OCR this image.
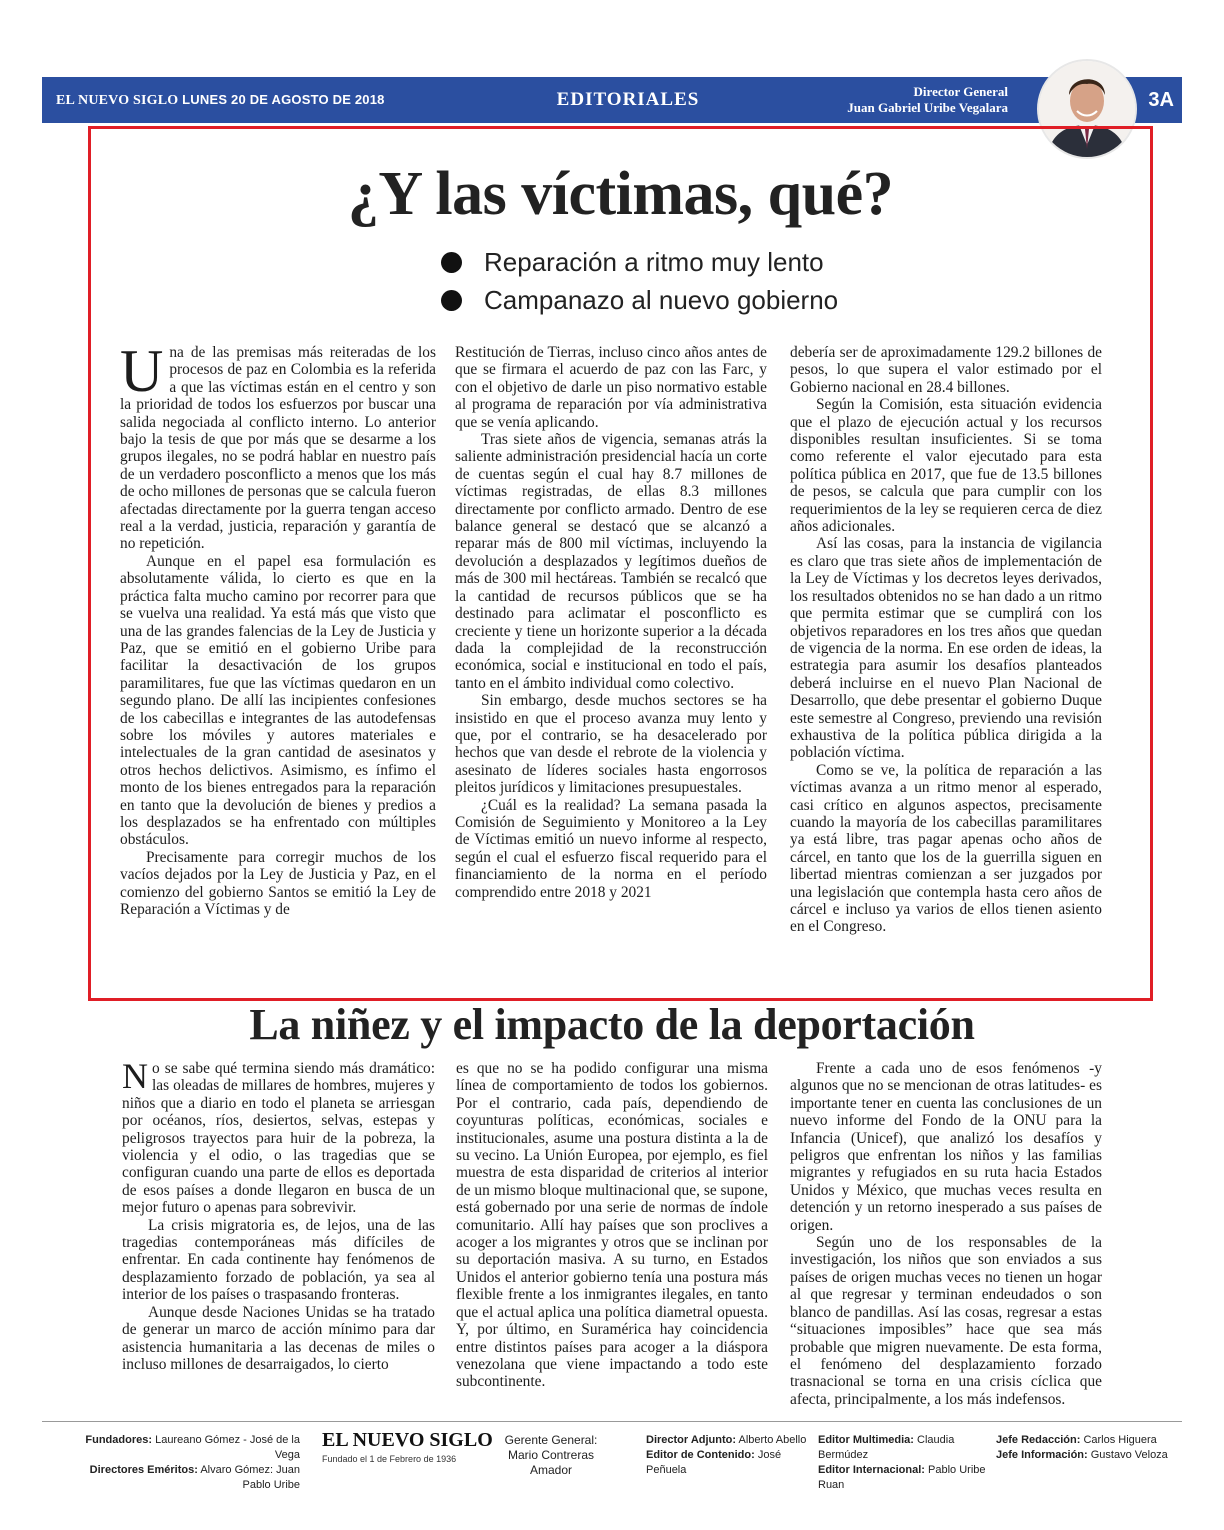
EL NUEVO SIGLO LUNES 20 DE AGOSTO DE 2018	EDITORIALES	Director General
Juan Gabriel Uribe Vegalara	3A
¿Y las víctimas, qué?
Reparación a ritmo muy lento
Campanazo al nuevo gobierno

Una de las premisas más reiteradas de los procesos de paz en Colombia es la referida a que las víctimas están en el centro y son la prioridad de todos los esfuerzos por buscar una salida negociada al conflicto interno. Lo anterior bajo la tesis de que por más que se desarme a los grupos ilegales, no se podrá hablar en nuestro país de un verdadero posconflicto a menos que los más de ocho millones de personas que se calcula fueron afectadas directamente por la guerra tengan acceso real a la verdad, justicia, reparación y garantía de no repetición.

Aunque en el papel esa formulación es absolutamente válida, lo cierto es que en la práctica falta mucho camino por recorrer para que se vuelva una realidad. Ya está más que visto que una de las grandes falencias de la Ley de Justicia y Paz, que se emitió en el gobierno Uribe para facilitar la desactivación de los grupos paramilitares, fue que las víctimas quedaron en un segundo plano. De allí las incipientes confesiones de los cabecillas e integrantes de las autodefensas sobre los móviles y autores materiales e intelectuales de la gran cantidad de asesinatos y otros hechos delictivos. Asimismo, es ínfimo el monto de los bienes entregados para la reparación en tanto que la devolución de bienes y predios a los desplazados se ha enfrentado con múltiples obstáculos.

Precisamente para corregir muchos de los vacíos dejados por la Ley de Justicia y Paz, en el comienzo del gobierno Santos se emitió la Ley de Reparación a Víctimas y de

Restitución de Tierras, incluso cinco años antes de que se firmara el acuerdo de paz con las Farc, y con el objetivo de darle un piso normativo estable al programa de reparación por vía administrativa que se venía aplicando.

Tras siete años de vigencia, semanas atrás la saliente administración presidencial hacía un corte de cuentas según el cual hay 8.7 millones de víctimas registradas, de ellas 8.3 millones directamente por conflicto armado. Dentro de ese balance general se destacó que se alcanzó a reparar más de 800 mil víctimas, incluyendo la devolución a desplazados y legítimos dueños de más de 300 mil hectáreas. También se recalcó que la cantidad de recursos públicos que se ha destinado para aclimatar el posconflicto es creciente y tiene un horizonte superior a la década dada la complejidad de la reconstrucción económica, social e institucional en todo el país, tanto en el ámbito individual como colectivo.

Sin embargo, desde muchos sectores se ha insistido en que el proceso avanza muy lento y que, por el contrario, se ha desacelerado por hechos que van desde el rebrote de la violencia y asesinato de líderes sociales hasta engorrosos pleitos jurídicos y limitaciones presupuestales.

¿Cuál es la realidad? La semana pasada la Comisión de Seguimiento y Monitoreo a la Ley de Víctimas emitió un nuevo informe al respecto, según el cual el esfuerzo fiscal requerido para el financiamiento de la norma en el período comprendido entre 2018 y 2021

debería ser de aproximadamente 129.2 billones de pesos, lo que supera el valor estimado por el Gobierno nacional en 28.4 billones.

Según la Comisión, esta situación evidencia que el plazo de ejecución actual y los recursos disponibles resultan insuficientes. Si se toma como referente el valor ejecutado para esta política pública en 2017, que fue de 13.5 billones de pesos, se calcula que para cumplir con los requerimientos de la ley se requieren cerca de diez años adicionales.

Así las cosas, para la instancia de vigilancia es claro que tras siete años de implementación de la Ley de Víctimas y los decretos leyes derivados, los resultados obtenidos no se han dado a un ritmo que permita estimar que se cumplirá con los objetivos reparadores en los tres años que quedan de vigencia de la norma. En ese orden de ideas, la estrategia para asumir los desafíos planteados deberá incluirse en el nuevo Plan Nacional de Desarrollo, que debe presentar el gobierno Duque este semestre al Congreso, previendo una revisión exhaustiva de la política pública dirigida a la población víctima.

Como se ve, la política de reparación a las víctimas avanza a un ritmo menor al esperado, casi crítico en algunos aspectos, precisamente cuando la mayoría de los cabecillas paramilitares ya está libre, tras pagar apenas ocho años de cárcel, en tanto que los de la guerrilla siguen en libertad mientras comienzan a ser juzgados por una legislación que contempla hasta cero años de cárcel e incluso ya varios de ellos tienen asiento en el Congreso.

La niñez y el impacto de la deportación

No se sabe qué termina siendo más dramático: las oleadas de millares de hombres, mujeres y niños que a diario en todo el planeta se arriesgan por océanos, ríos, desiertos, selvas, estepas y peligrosos trayectos para huir de la pobreza, la violencia y el odio, o las tragedias que se configuran cuando una parte de ellos es deportada de esos países a donde llegaron en busca de un mejor futuro o apenas para sobrevivir.

La crisis migratoria es, de lejos, una de las tragedias contemporáneas más difíciles de enfrentar. En cada continente hay fenómenos de desplazamiento forzado de población, ya sea al interior de los países o traspasando fronteras.

Aunque desde Naciones Unidas se ha tratado de generar un marco de acción mínimo para dar asistencia humanitaria a las decenas de miles o incluso millones de desarraigados, lo cierto

es que no se ha podido configurar una misma línea de comportamiento de todos los gobiernos. Por el contrario, cada país, dependiendo de coyunturas políticas, económicas, sociales e institucionales, asume una postura distinta a la de su vecino. La Unión Europea, por ejemplo, es fiel muestra de esta disparidad de criterios al interior de un mismo bloque multinacional que, se supone, está gobernado por una serie de normas de índole comunitario. Allí hay países que son proclives a acoger a los migrantes y otros que se inclinan por su deportación masiva. A su turno, en Estados Unidos el anterior gobierno tenía una postura más flexible frente a los inmigrantes ilegales, en tanto que el actual aplica una política diametral opuesta. Y, por último, en Suramérica hay coincidencia entre distintos países para acoger a la diáspora venezolana que viene impactando a todo este subcontinente.

Frente a cada uno de esos fenómenos -y algunos que no se mencionan de otras latitudes- es importante tener en cuenta las conclusiones de un nuevo informe del Fondo de la ONU para la Infancia (Unicef), que analizó los desafíos y peligros que enfrentan los niños y las familias migrantes y refugiados en su ruta hacia Estados Unidos y México, que muchas veces resulta en detención y un retorno inesperado a sus países de origen.

Según uno de los responsables de la investigación, los niños que son enviados a sus países de origen muchas veces no tienen un hogar al que regresar y terminan endeudados o son blanco de pandillas. Así las cosas, regresar a estas “situaciones imposibles” hace que sea más probable que migren nuevamente. De esta forma, el fenómeno del desplazamiento forzado trasnacional se torna en una crisis cíclica que afecta, principalmente, a los más indefensos.

Fundadores: Laureano Gómez - José de la Vega
Directores Eméritos: Alvaro Gómez: Juan Pablo Uribe
EL NUEVO SIGLO
Fundado el 1 de Febrero de 1936
Gerente General:
Mario Contreras Amador
Director Adjunto: Alberto Abello
Editor de Contenido: José Peñuela
Editor Multimedia: Claudia Bermúdez
Editor Internacional: Pablo Uribe Ruan
Jefe Redacción: Carlos Higuera
Jefe Información: Gustavo Veloza
